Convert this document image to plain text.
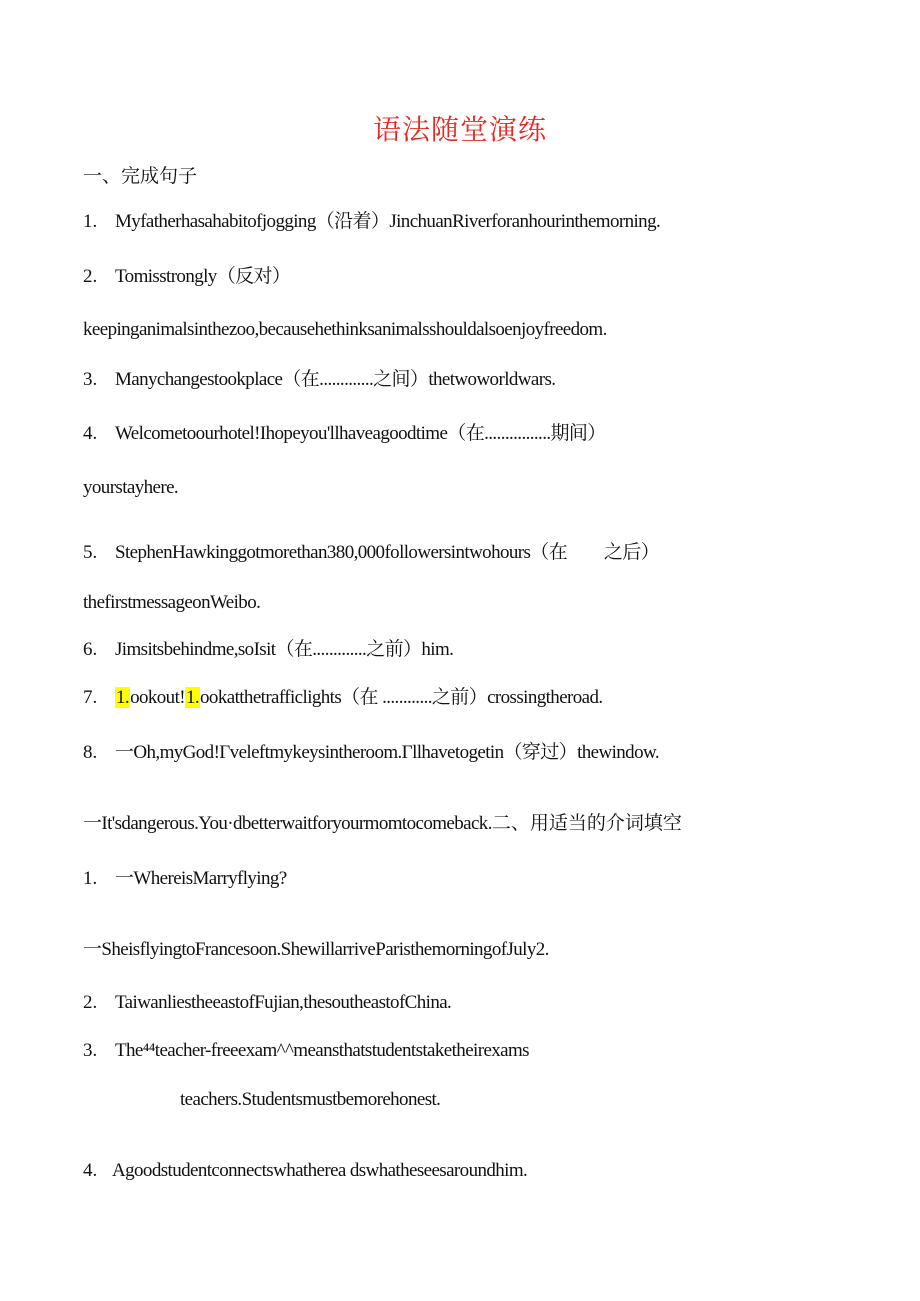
语法随堂演练
一、完成句子
1. Myfatherhasahabitofjogging（沿着）JinchuanRiverforanhourinthemorning.
2. Tomisstrongly（反对）
keepinganimalsinthezoo,becausehethinksanimalsshouldalsoenjoyfreedom.
3. Manychangestookplace（在.............之间）thetwoworldwars.
4. Welcometoourhotel!Ihopeyou'llhaveagoodtime（在................期间）
yourstayhere.
5. StephenHawkinggotmorethan380,000followersintwohours（在　　之后）
thefirstmessageonWeibo.
6. Jimsitsbehindme,soIsit（在.............之前）him.
7. 1.ookout!1.ookatthetrafficlights（在 ............之前）crossingtheroad.
8. 一Oh,myGod!Γveleftmykeysintheroom.Γllhavetogetin（穿过）thewindow.
一It'sdangerous.You·dbetterwaitforyourmomtocomeback.二、用适当的介词填空
1. 一WhereisMarryflying?
一SheisflyingtoFrancesoon.ShewillarriveParisthemorningofJuly2.
2. TaiwanliestheeastofFujian,thesoutheastofChina.
3. The⁴⁴teacher-freeexam^^meansthatstudentstaketheirexams
teachers.Studentsmustbemorehonest.
4. Agoodstudentconnectswhatherea dswhatheseesaroundhim.
